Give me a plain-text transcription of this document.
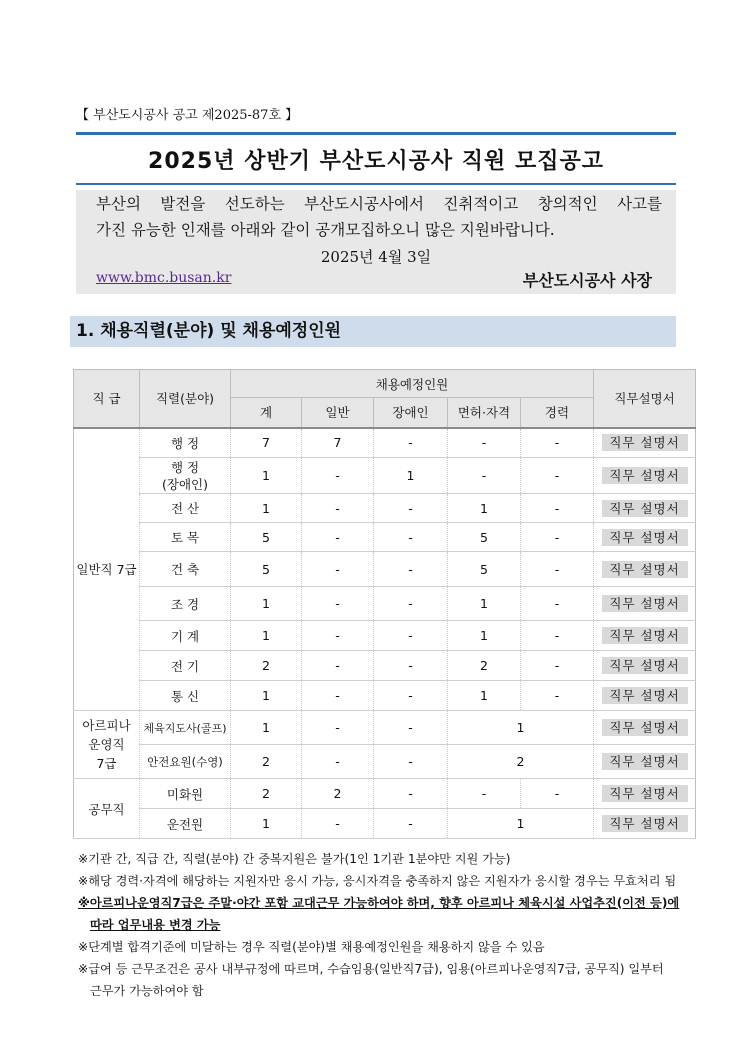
【 부산도시공사 공고 제2025-87호 】
2025년 상반기 부산도시공사 직원 모집공고

부산의 발전을 선도하는 부산도시공사에서 진취적이고 창의적인 사고를

가진 유능한 인재를 아래와 같이 공개모집하오니 많은 지원바랍니다.

2025년 4월 3일
www.bmc.busan.kr	부산도시공사 사장
1. 채용직렬(분야) 및 채용예정인원
직 급	직렬(분야)	채용예정인원					직무설명서
		계	일반	장애인	면허·자격	경력	
일반직 7급	행 정	7	7	-	-	-	직무 설명서
	행 정
(장애인)	1	-	1	-	-	직무 설명서
	전 산	1	-	-	1	-	직무 설명서
	토 목	5	-	-	5	-	직무 설명서
	건 축	5	-	-	5	-	직무 설명서
	조 경	1	-	-	1	-	직무 설명서
	기 계	1	-	-	1	-	직무 설명서
	전 기	2	-	-	2	-	직무 설명서
	통 신	1	-	-	1	-	직무 설명서
아르피나
운영직
7급	체육지도사(골프)	1	-	-	1		직무 설명서
	안전요원(수영)	2	-	-	2		직무 설명서
공무직	미화원	2	2	-	-	-	직무 설명서
	운전원	1	-	-	1		직무 설명서

※기관 간, 직급 간, 직렬(분야) 간 중복지원은 불가(1인 1기관 1분야만 지원 가능)

※해당 경력·자격에 해당하는 지원자만 응시 가능, 응시자격을 충족하지 않은 지원자가 응시할 경우는 무효처리 됨

※아르피나운영직7급은 주말·야간 포함 교대근무 가능하여야 하며, 향후 아르피나 체육시설 사업추진(이전 등)에

따라 업무내용 변경 가능

※단계별 합격기준에 미달하는 경우 직렬(분야)별 채용예정인원을 채용하지 않을 수 있음

※급여 등 근무조건은 공사 내부규정에 따르며, 수습임용(일반직7급), 임용(아르피나운영직7급, 공무직) 일부터

근무가 가능하여야 함
